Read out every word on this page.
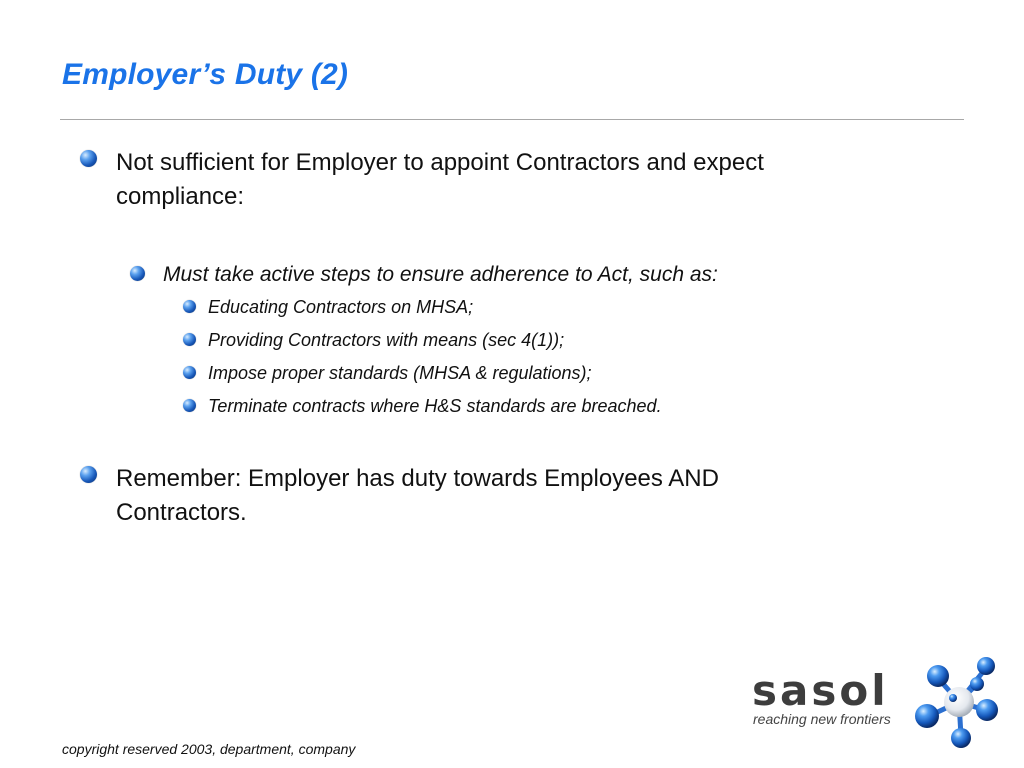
Employer’s Duty (2)
Not sufficient for Employer to appoint Contractors and expect
compliance:
Must take active steps to ensure adherence to Act, such as:
Educating Contractors on MHSA;
Providing Contractors with means (sec 4(1));
Impose proper standards (MHSA & regulations);
Terminate contracts where H&S standards are breached.
Remember: Employer has duty towards Employees AND
Contractors.
sasol
reaching new frontiers
copyright reserved 2003, department, company
